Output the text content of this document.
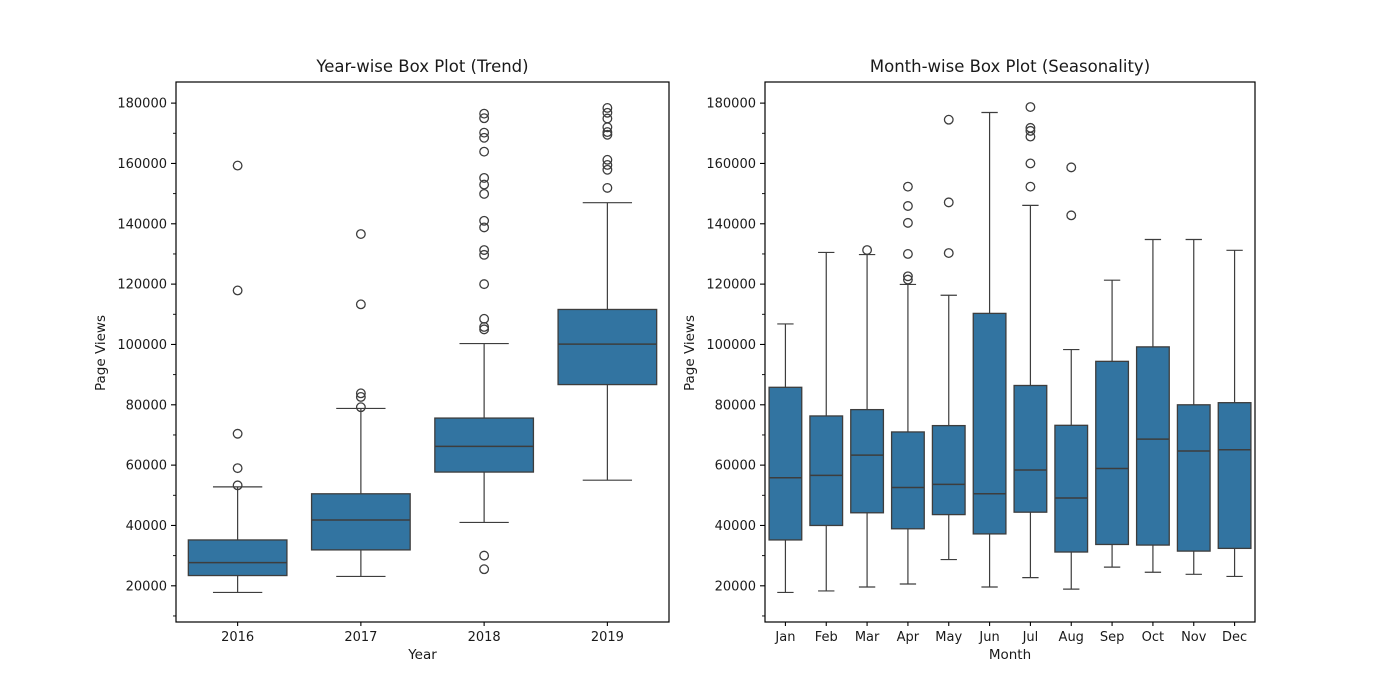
20000
40000
60000
80000
100000
120000
140000
160000
180000
2016	2017	2018	2019
20000
40000
60000
80000
100000
120000
140000
160000
180000
Jan Feb Mar Apr May Jun Jul Aug Sep Oct Nov Dec
Year-wise Box Plot (Trend)	Month-wise Box Plot (Seasonality)
Year	Month
Page Views	Page Views
